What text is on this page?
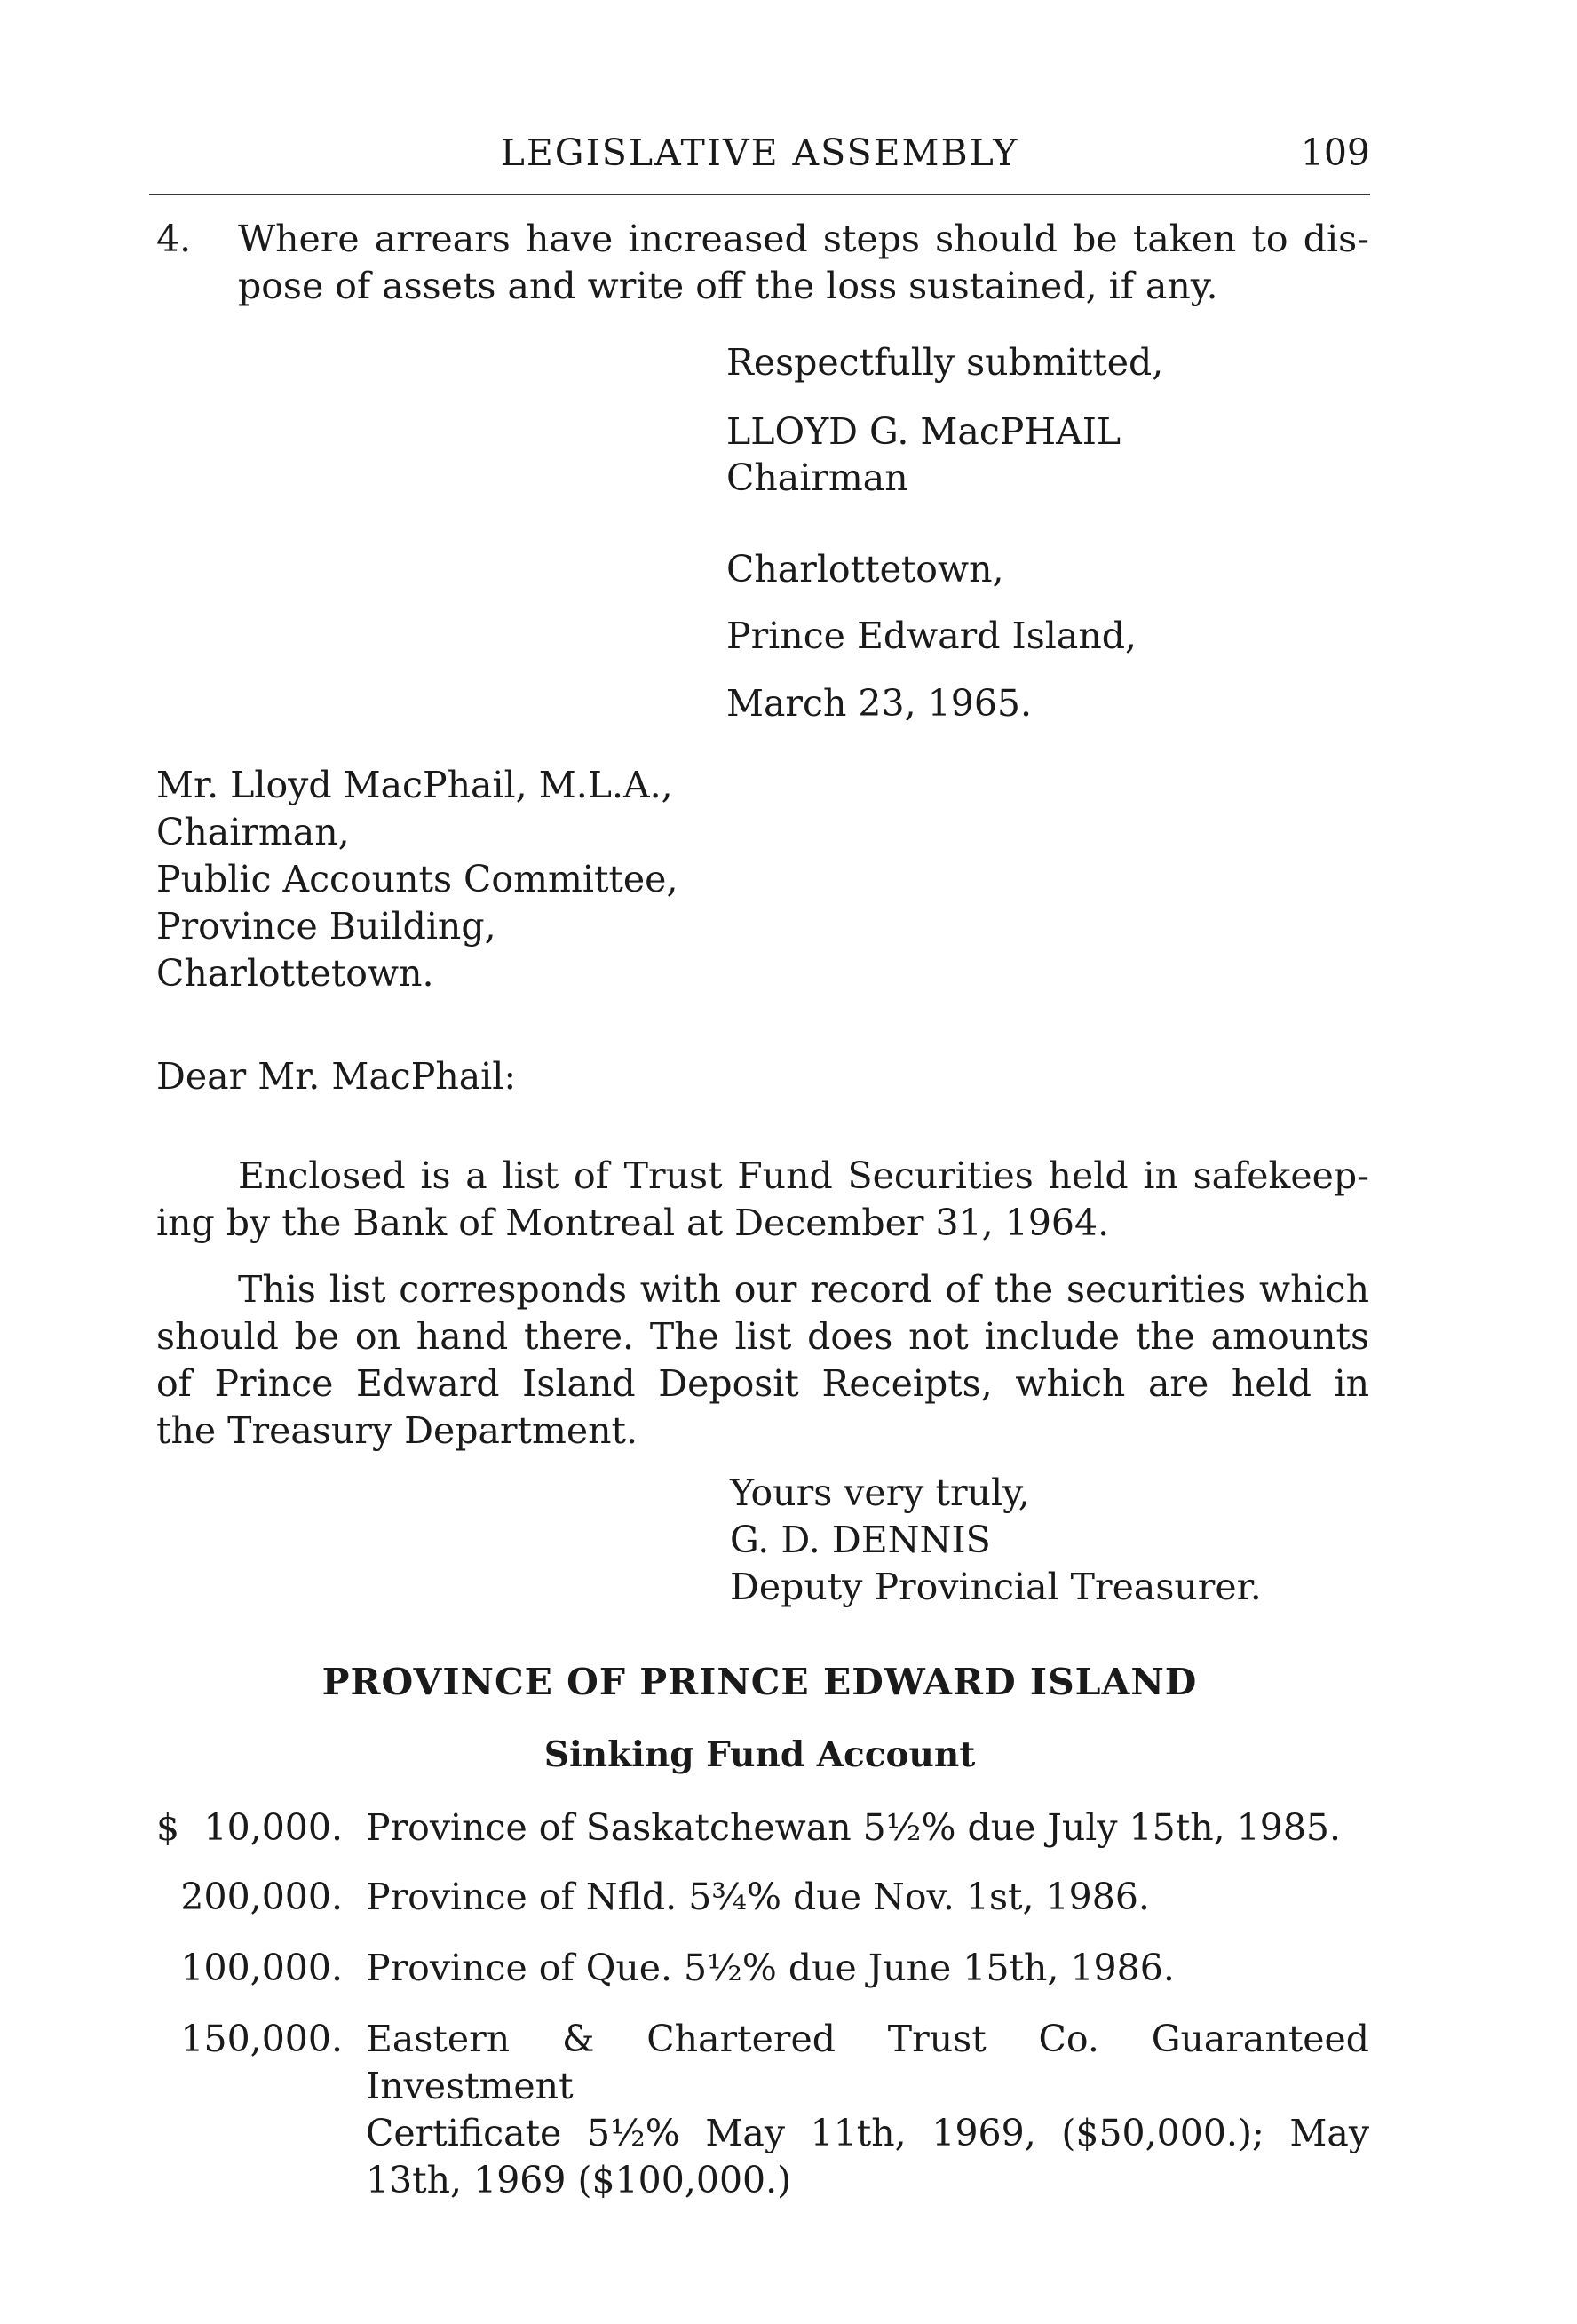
LEGISLATIVE ASSEMBLY	109
4.	Where arrears have increased steps should be taken to dis-
pose of assets and write off the loss sustained, if any.
Respectfully submitted,
LLOYD G. MacPHAIL
Chairman
Charlottetown,
Prince Edward Island,
March 23, 1965.
Mr. Lloyd MacPhail, M.L.A.,
Chairman,
Public Accounts Committee,
Province Building,
Charlottetown.
Dear Mr. MacPhail:
Enclosed is a list of Trust Fund Securities held in safekeep-
ing by the Bank of Montreal at December 31, 1964.
This list corresponds with our record of the securities which
should be on hand there. The list does not include the amounts
of Prince Edward Island Deposit Receipts, which are held in
the Treasury Department.
Yours very truly,
G. D. DENNIS
Deputy Provincial Treasurer.
PROVINCE OF PRINCE EDWARD ISLAND
Sinking Fund Account
$ 10,000. Province of Saskatchewan 5½% due July 15th, 1985.
200,000. Province of Nfld. 5¾% due Nov. 1st, 1986.
100,000. Province of Que. 5½% due June 15th, 1986.
150,000. Eastern & Chartered Trust Co. Guaranteed Investment
Certificate 5½% May 11th, 1969, ($50,000.); May
13th, 1969 ($100,000.)
